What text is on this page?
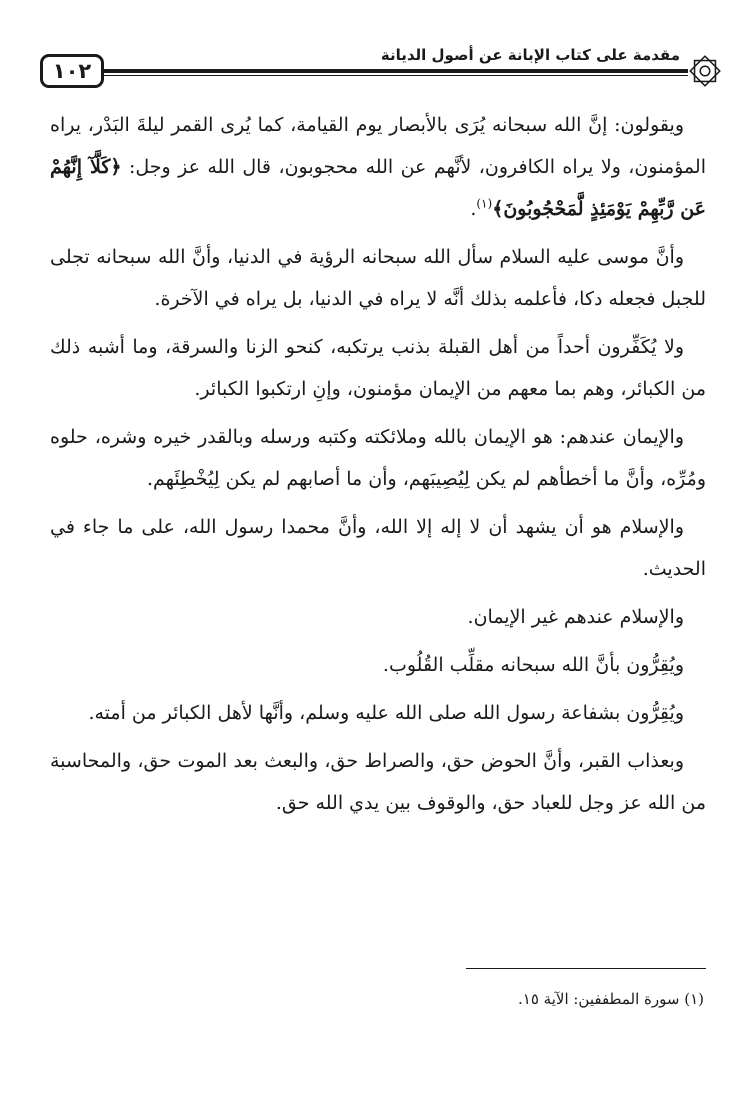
١٠٢
مقدمة على كتاب الإبانة عن أصول الديانة

ويقولون: إنَّ الله سبحانه يُرَى بالأبصار يوم القيامة، كما يُرى القمر ليلةَ البَدْر، يراه المؤمنون، ولا يراه الكافرون، لأنَّهم عن الله محجوبون، قال الله عز وجل: ﴿كَلَّآ إِنَّهُمْ عَن رَّبِّهِمْ يَوْمَئِذٍ لَّمَحْجُوبُونَ﴾$^{(١)}$.

وأنَّ موسى عليه السلام سأل الله سبحانه الرؤية في الدنيا، وأنَّ الله سبحانه تجلى للجبل فجعله دكا، فأعلمه بذلك أنَّه لا يراه في الدنيا، بل يراه في الآخرة.

ولا يُكَفِّرون أحداً من أهل القبلة بذنب يرتكبه، كنحو الزنا والسرقة، وما أشبه ذلك من الكبائر، وهم بما معهم من الإيمان مؤمنون، وإنِ ارتكبوا الكبائر.

والإيمان عندهم: هو الإيمان بالله وملائكته وكتبه ورسله وبالقدر خيره وشره، حلوه ومُرِّه، وأنَّ ما أخطأهم لم يكن لِيُصِيبَهم، وأن ما أصابهم لم يكن لِيُخْطِئَهم.

والإسلام هو أن يشهد أن لا إله إلا الله، وأنَّ محمدا رسول الله، على ما جاء في الحديث.

والإسلام عندهم غير الإيمان.

ويُقِرُّون بأنَّ الله سبحانه مقلِّب القُلُوب.

ويُقِرُّون بشفاعة رسول الله صلى الله عليه وسلم، وأنَّها لأهل الكبائر من أمته.

وبعذاب القبر، وأنَّ الحوض حق، والصراط حق، والبعث بعد الموت حق، والمحاسبة من الله عز وجل للعباد حق، والوقوف بين يدي الله حق.

(١) سورة المطففين: الآية ١٥.
